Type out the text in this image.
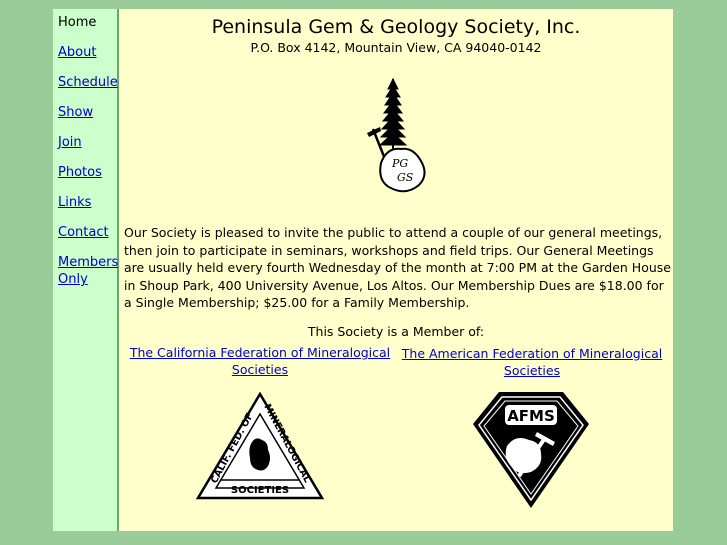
Home
About
Schedule
Show
Join
Photos
Links
Contact
Members
Only
Peninsula Gem & Geology Society, Inc.
P.O. Box 4142, Mountain View, CA 94040-0142
PG
GS
Our Society is pleased to invite the public to attend a couple of our general meetings, then join to participate in seminars, workshops and field trips. Our General Meetings are usually held every fourth Wednesday of the month at 7:00 PM at the Garden House in Shoup Park, 400 University Avenue, Los Altos. Our Membership Dues are $18.00 for a Single Membership; $25.00 for a Family Membership.
This Society is a Member of:
The California Federation of Mineralogical Societies
The American Federation of Mineralogical Societies
CALIF. FED. OF
MINERALOGICAL
SOCIETIES
AFMS
